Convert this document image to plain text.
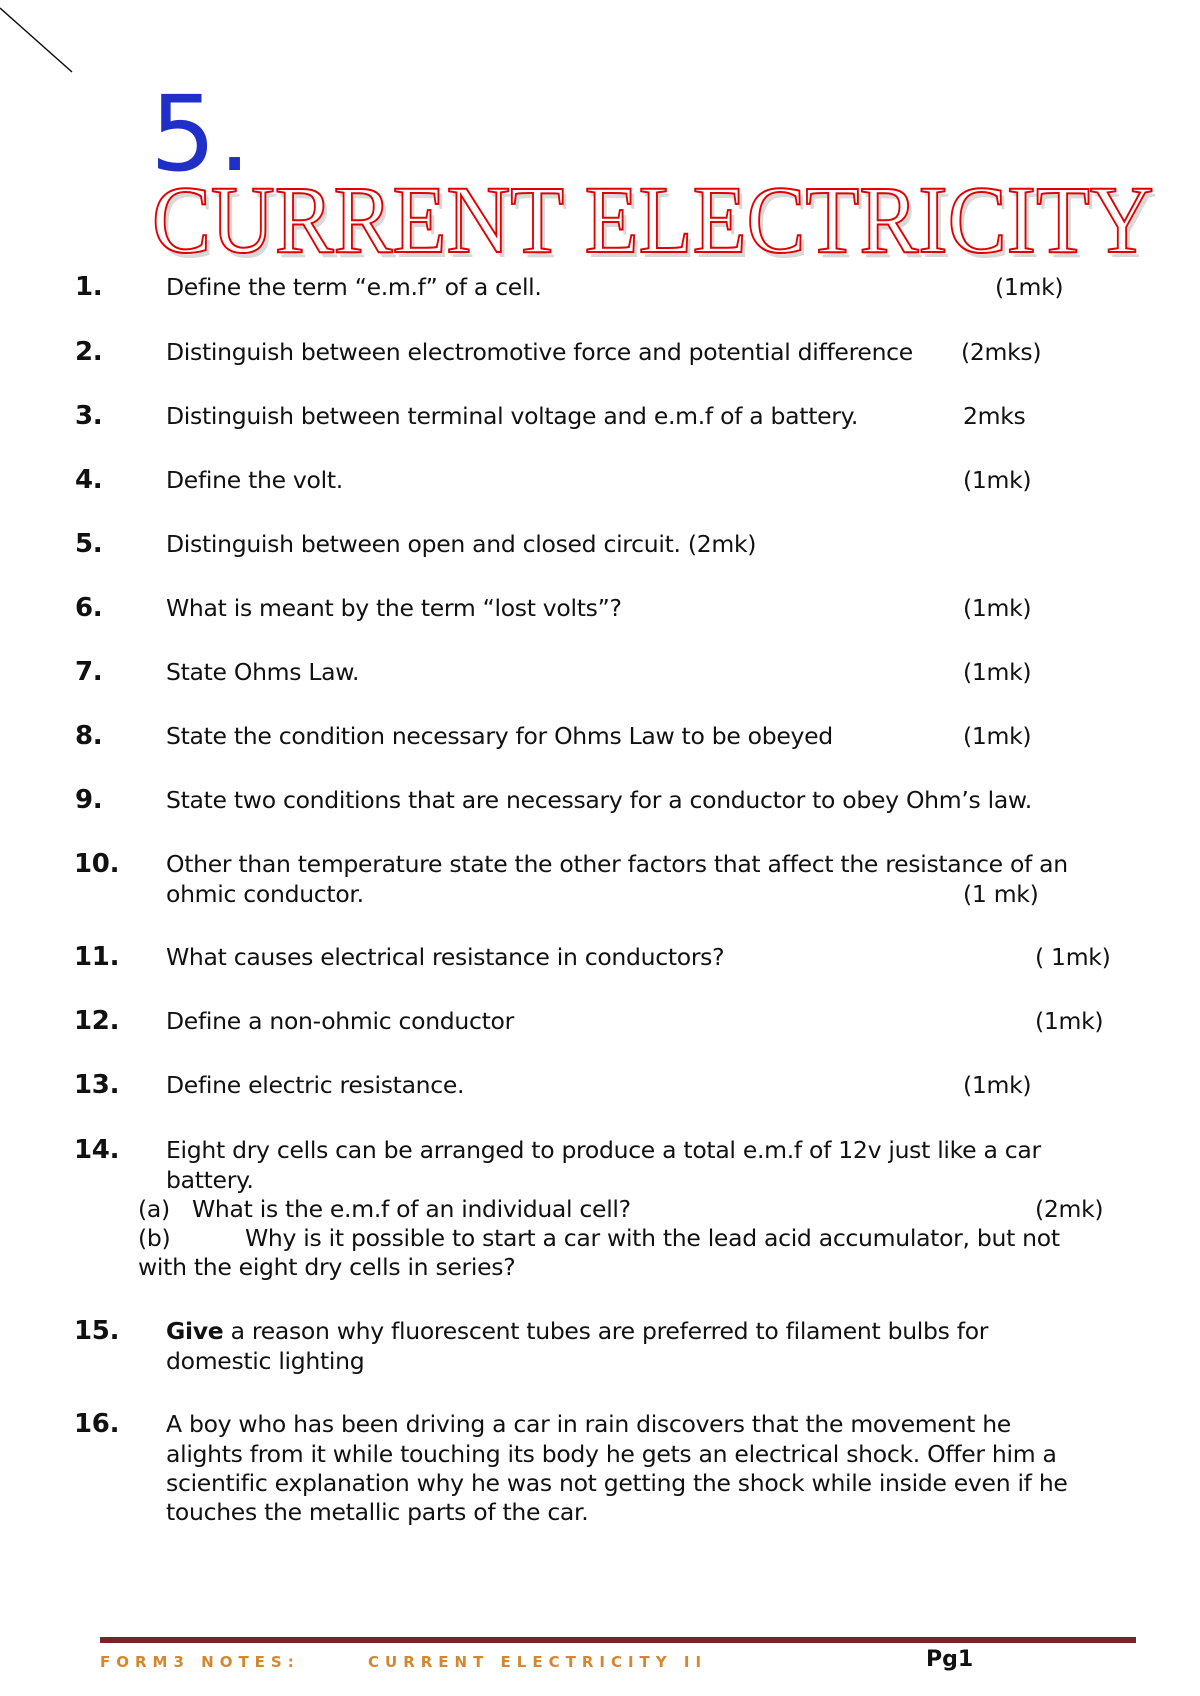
5.
CURRENT ELECTRICITY
1.	Define the term “e.m.f” of a cell.	(1mk)
2.	Distinguish between electromotive force and potential difference	(2mks)
3.	Distinguish between terminal voltage and e.m.f of a battery.	2mks
4.	Define the volt.	(1mk)
5.	Distinguish between open and closed circuit. (2mk)
6.	What is meant by the term “lost volts”?	(1mk)
7.	State Ohms Law.	(1mk)
8.	State the condition necessary for Ohms Law to be obeyed	(1mk)
9.	State two conditions that are necessary for a conductor to obey Ohm’s law.
10.	Other than temperature state the other factors that affect the resistance of an
ohmic conductor.	(1 mk)
11.	What causes electrical resistance in conductors?	( 1mk)
12.	Define a non-ohmic conductor	(1mk)
13.	Define electric resistance.	(1mk)
14.	Eight dry cells can be arranged to produce a total e.m.f of 12v just like a car
battery.
(a) What is the e.m.f of an individual cell?	(2mk)
(b)	Why is it possible to start a car with the lead acid accumulator, but not
with the eight dry cells in series?
15.	Give a reason why fluorescent tubes are preferred to filament bulbs for
domestic lighting
16.	A boy who has been driving a car in rain discovers that the movement he
alights from it while touching its body he gets an electrical shock. Offer him a
scientific explanation why he was not getting the shock while inside even if he
touches the metallic parts of the car.
FORM3 NOTES:	CURRENT ELECTRICITY II	Pg1
